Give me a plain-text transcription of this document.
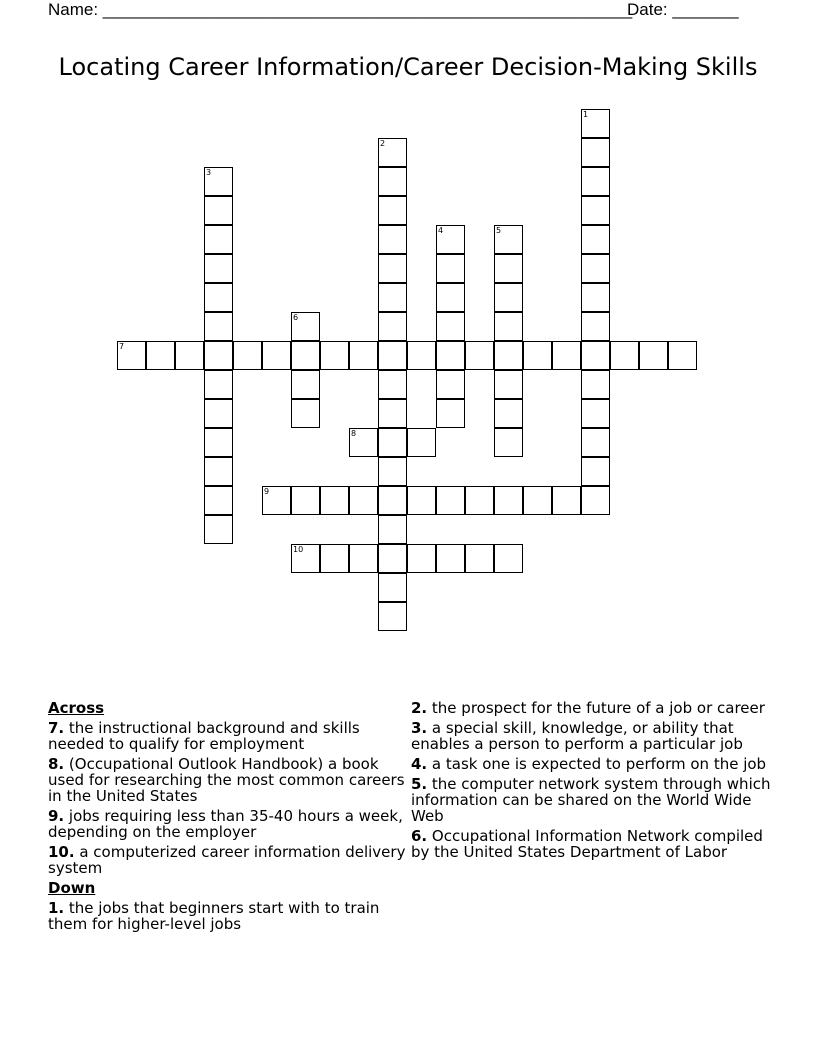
Name: ________________________________________________________
Date: _______
Locating Career Information/Career Decision-Making Skills
1
2
3
4	5
6
7
8
9
10
Across
7. the instructional background and skills needed to qualify for employment
8. (Occupational Outlook Handbook) a book used for researching the most common careers in the United States
9. jobs requiring less than 35-40 hours a week, depending on the employer
10. a computerized career information delivery system
Down
1. the jobs that beginners start with to train them for higher-level jobs
2. the prospect for the future of a job or career
3. a special skill, knowledge, or ability that enables a person to perform a particular job
4. a task one is expected to perform on the job
5. the computer network system through which information can be shared on the World Wide Web
6. Occupational Information Network compiled by the United States Department of Labor
